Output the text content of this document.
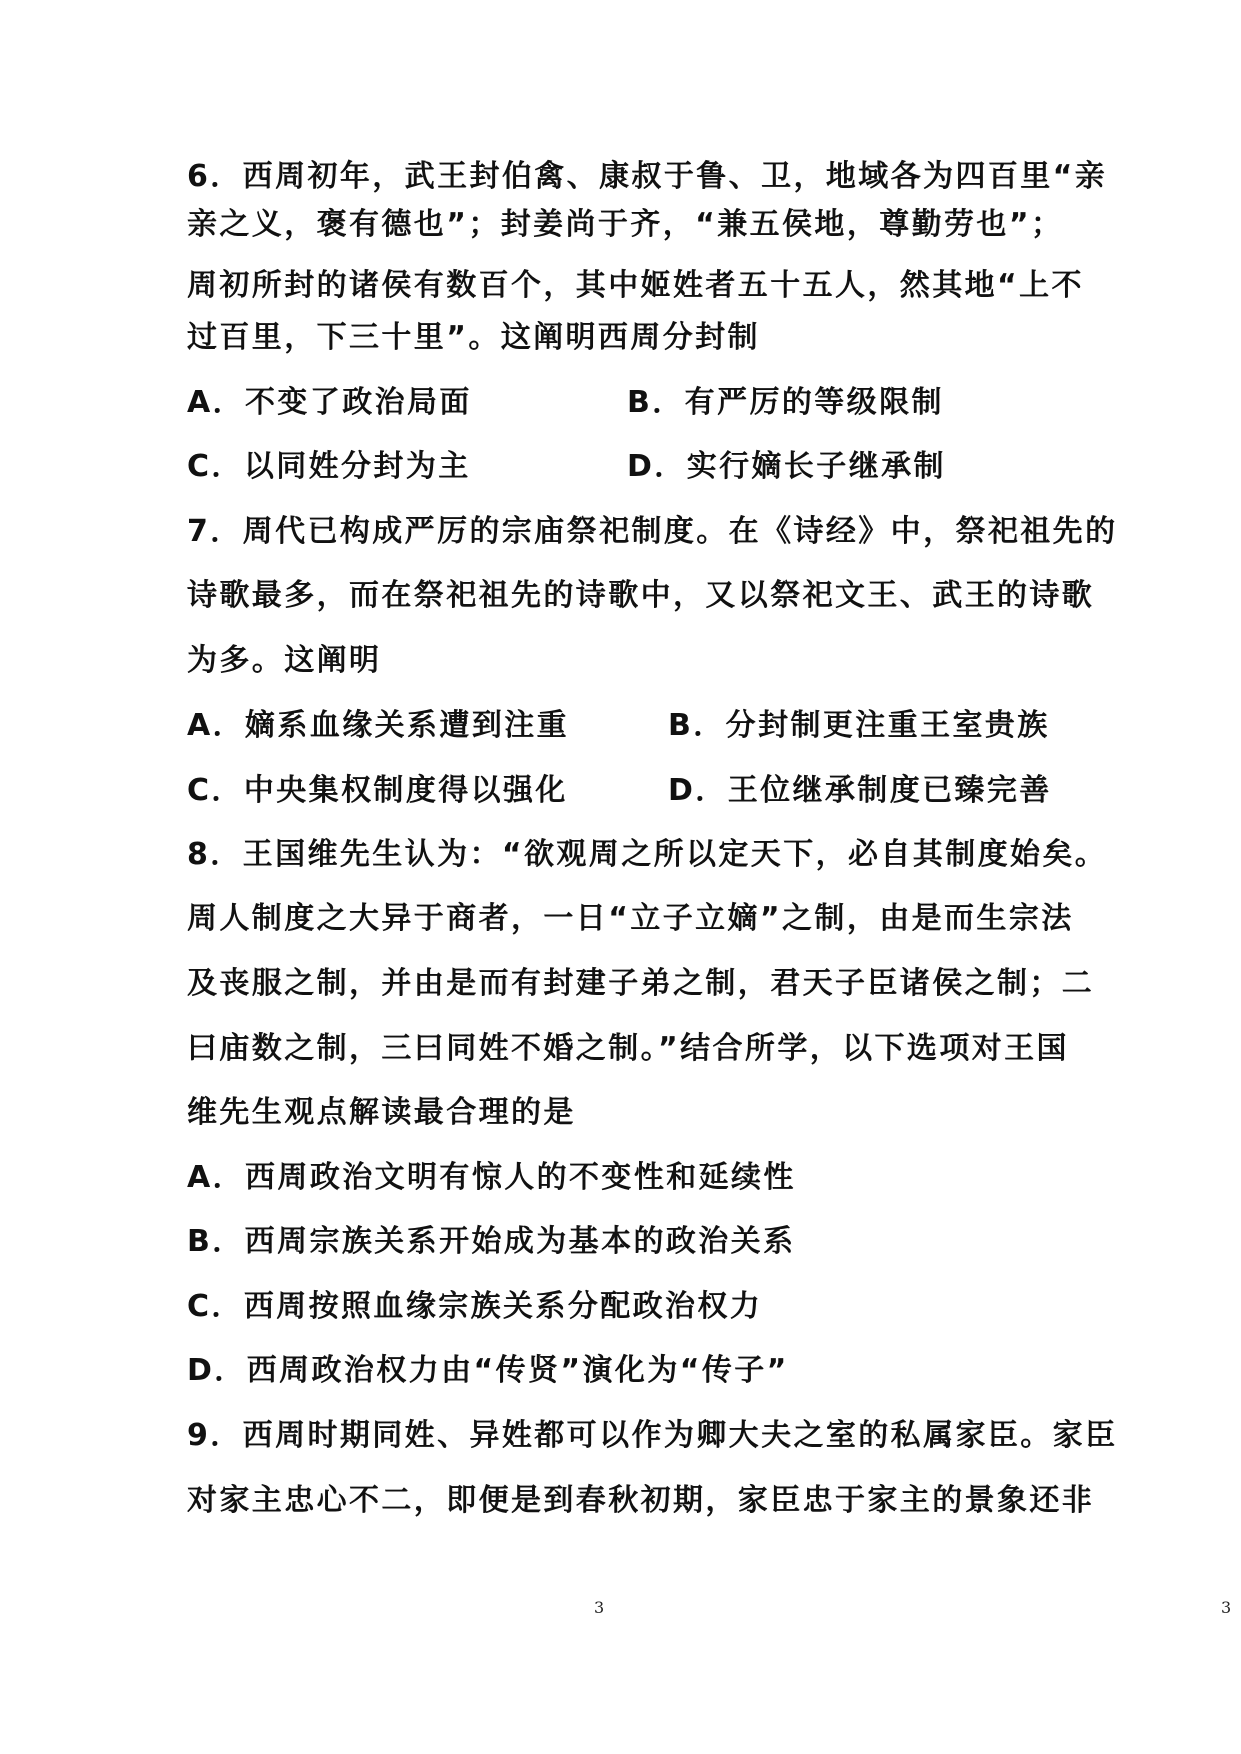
6．西周初年，武王封伯禽、康叔于鲁、卫，地域各为四百里“亲
亲之义，褒有德也”；封姜尚于齐，“兼五侯地，尊勤劳也”；
周初所封的诸侯有数百个，其中姬姓者五十五人，然其地“上不
过百里，下三十里”。这阐明西周分封制
A．不变了政治局面	B．有严厉的等级限制
C．以同姓分封为主	D．实行嫡长子继承制
7．周代已构成严厉的宗庙祭祀制度。在《诗经》中，祭祀祖先的
诗歌最多，而在祭祀祖先的诗歌中，又以祭祀文王、武王的诗歌
为多。这阐明
A．嫡系血缘关系遭到注重	B．分封制更注重王室贵族
C．中央集权制度得以强化	D．王位继承制度已臻完善
8．王国维先生认为：“欲观周之所以定天下，必自其制度始矣。
周人制度之大异于商者，一日“立子立嫡”之制，由是而生宗法
及丧服之制，并由是而有封建子弟之制，君天子臣诸侯之制；二
曰庙数之制，三曰同姓不婚之制。”结合所学，以下选项对王国
维先生观点解读最合理的是
A．西周政治文明有惊人的不变性和延续性
B．西周宗族关系开始成为基本的政治关系
C．西周按照血缘宗族关系分配政治权力
D．西周政治权力由“传贤”演化为“传子”
9．西周时期同姓、异姓都可以作为卿大夫之室的私属家臣。家臣
对家主忠心不二，即便是到春秋初期，家臣忠于家主的景象还非
3	3
